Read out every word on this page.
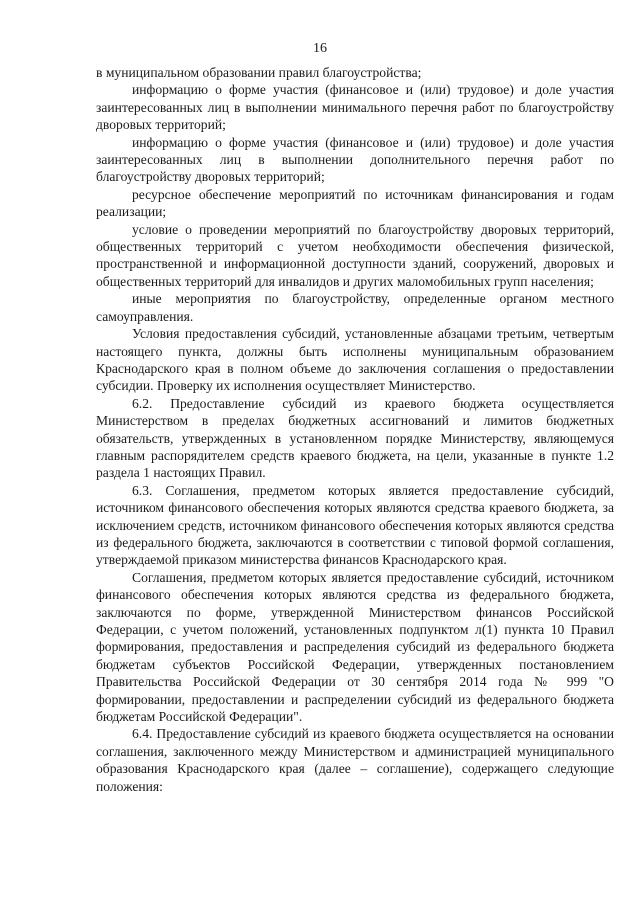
16

в муниципальном образовании правил благоустройства;

информацию о форме участия (финансовое и (или) трудовое) и доле участия заинтересованных лиц в выполнении минимального перечня работ по благоустройству дворовых территорий;

информацию о форме участия (финансовое и (или) трудовое) и доле участия заинтересованных лиц в выполнении дополнительного перечня работ по благоустройству дворовых территорий;

ресурсное обеспечение мероприятий по источникам финансирования и годам реализации;

условие о проведении мероприятий по благоустройству дворовых территорий, общественных территорий с учетом необходимости обеспечения физической, пространственной и информационной доступности зданий, сооружений, дворовых и общественных территорий для инвалидов и других маломобильных групп населения;

иные мероприятия по благоустройству, определенные органом местного самоуправления.

Условия предоставления субсидий, установленные абзацами третьим, четвертым настоящего пункта, должны быть исполнены муниципальным образованием Краснодарского края в полном объеме до заключения соглашения о предоставлении субсидии. Проверку их исполнения осуществляет Министерство.

6.2. Предоставление субсидий из краевого бюджета осуществляется Министерством в пределах бюджетных ассигнований и лимитов бюджетных обязательств, утвержденных в установленном порядке Министерству, являющемуся главным распорядителем средств краевого бюджета, на цели, указанные в пункте 1.2 раздела 1 настоящих Правил.

6.3. Соглашения, предметом которых является предоставление субсидий, источником финансового обеспечения которых являются средства краевого бюджета, за исключением средств, источником финансового обеспечения которых являются средства из федерального бюджета, заключаются в соответствии с типовой формой соглашения, утверждаемой приказом министерства финансов Краснодарского края.

Соглашения, предметом которых является предоставление субсидий, источником финансового обеспечения которых являются средства из федерального бюджета, заключаются по форме, утвержденной Министерством финансов Российской Федерации, с учетом положений, установленных подпунктом л(1) пункта 10 Правил формирования, предоставления и распределения субсидий из федерального бюджета бюджетам субъектов Российской Федерации, утвержденных постановлением Правительства Российской Федерации от 30 сентября 2014 года № 999 "О формировании, предоставлении и распределении субсидий из федерального бюджета бюджетам Российской Федерации".

6.4. Предоставление субсидий из краевого бюджета осуществляется на основании соглашения, заключенного между Министерством и администрацией муниципального образования Краснодарского края (далее – соглашение), содержащего следующие положения:
